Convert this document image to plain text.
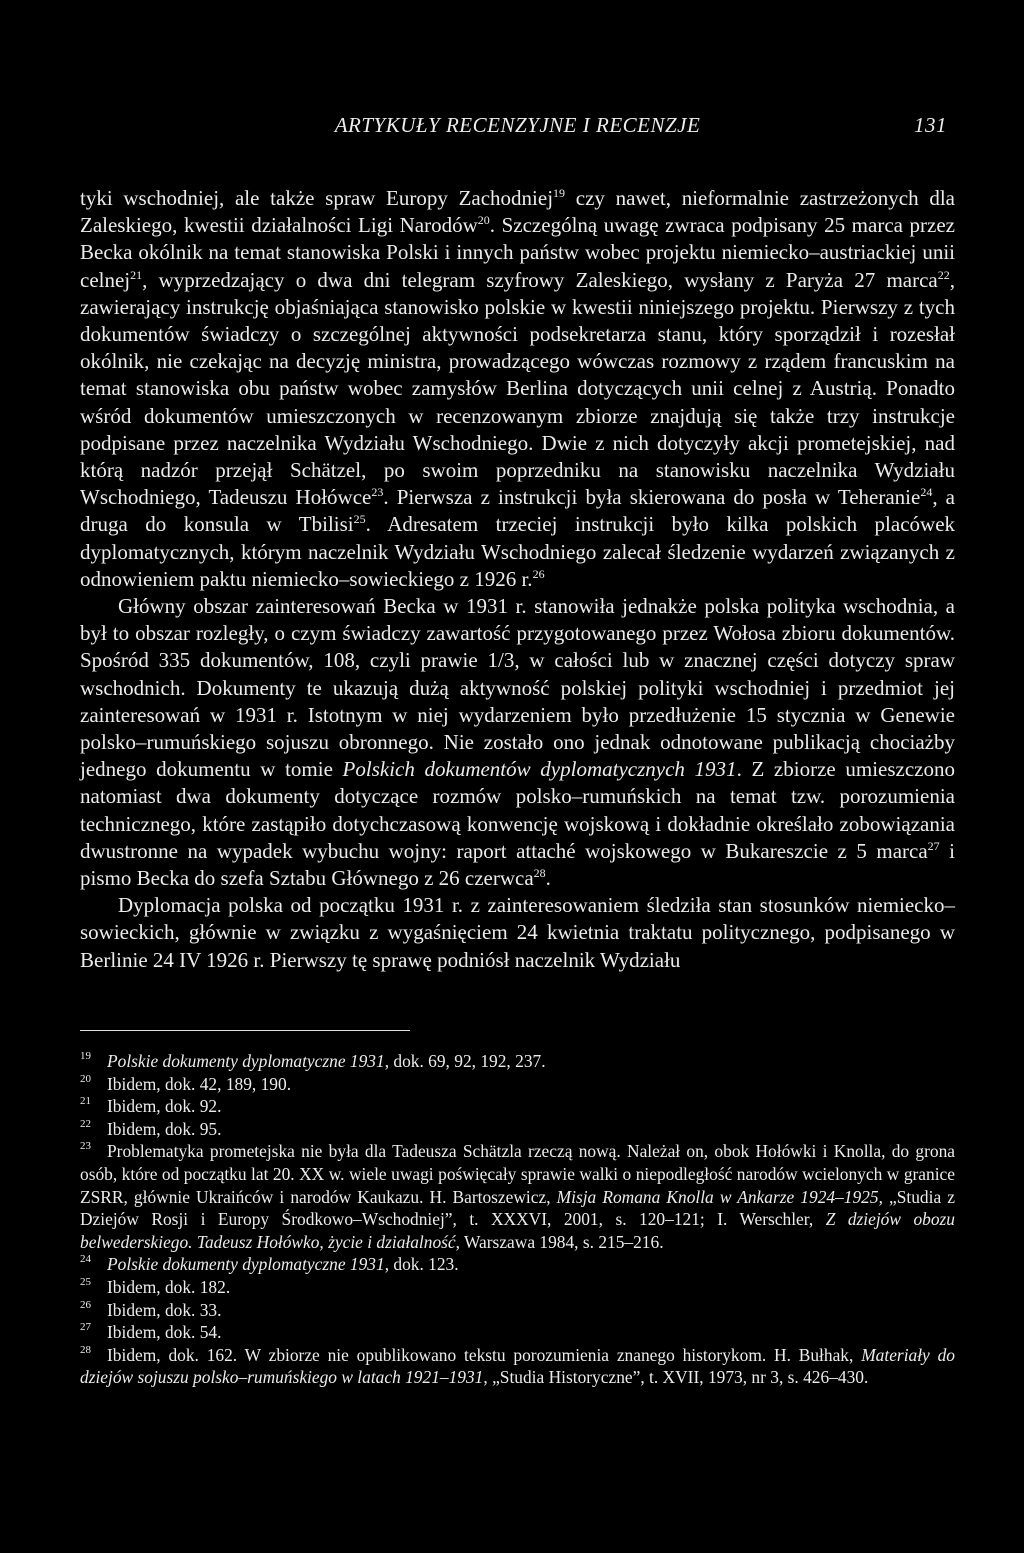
ARTYKUŁY RECENZYJNE I RECENZJE	131

tyki wschodniej, ale także spraw Europy Zachodniej$^{19}$ czy nawet, nieformalnie zastrzeżonych dla Zaleskiego, kwestii działalności Ligi Narodów$^{20}$. Szczególną uwagę zwraca podpisany 25 marca przez Becka okólnik na temat stanowiska Polski i innych państw wobec projektu niemiecko–austriackiej unii celnej$^{21}$, wyprzedzający o dwa dni telegram szyfrowy Zaleskiego, wysłany z Paryża 27 marca$^{22}$, zawierający instrukcję objaśniająca stanowisko polskie w kwestii niniejszego projektu. Pierwszy z tych dokumentów świadczy o szczególnej aktywności podsekretarza stanu, który sporządził i rozesłał okólnik, nie czekając na decyzję ministra, prowadzącego wówczas rozmowy z rządem francuskim na temat stanowiska obu państw wobec zamysłów Berlina dotyczących unii celnej z Austrią. Ponadto wśród dokumentów umieszczonych w recenzowanym zbiorze znajdują się także trzy instrukcje podpisane przez naczelnika Wydziału Wschodniego. Dwie z nich dotyczyły akcji prometejskiej, nad którą nadzór przejął Schätzel, po swoim poprzedniku na stanowisku naczelnika Wydziału Wschodniego, Tadeuszu Hołówce$^{23}$. Pierwsza z instrukcji była skierowana do posła w Teheranie$^{24}$, a druga do konsula w Tbilisi$^{25}$. Adresatem trzeciej instrukcji było kilka polskich placówek dyplomatycznych, którym naczelnik Wydziału Wschodniego zalecał śledzenie wydarzeń związanych z odnowieniem paktu niemiecko–sowieckiego z 1926 r.$^{26}$

Główny obszar zainteresowań Becka w 1931 r. stanowiła jednakże polska polityka wschodnia, a był to obszar rozległy, o czym świadczy zawartość przygotowanego przez Wołosa zbioru dokumentów. Spośród 335 dokumentów, 108, czyli prawie 1/3, w całości lub w znacznej części dotyczy spraw wschodnich. Dokumenty te ukazują dużą aktywność polskiej polityki wschodniej i przedmiot jej zainteresowań w 1931 r. Istotnym w niej wydarzeniem było przedłużenie 15 stycznia w Genewie polsko–rumuńskiego sojuszu obronnego. Nie zostało ono jednak odnotowane publikacją chociażby jednego dokumentu w tomie Polskich dokumentów dyplomatycznych 1931. Z zbiorze umieszczono natomiast dwa dokumenty dotyczące rozmów polsko–rumuńskich na temat tzw. porozumienia technicznego, które zastąpiło dotychczasową konwencję wojskową i dokładnie określało zobowiązania dwustronne na wypadek wybuchu wojny: raport attaché wojskowego w Bukareszcie z 5 marca$^{27}$ i pismo Becka do szefa Sztabu Głównego z 26 czerwca$^{28}$.

Dyplomacja polska od początku 1931 r. z zainteresowaniem śledziła stan stosunków niemiecko–sowieckich, głównie w związku z wygaśnięciem 24 kwietnia traktatu politycznego, podpisanego w Berlinie 24 IV 1926 r. Pierwszy tę sprawę podniósł naczelnik Wydziału

19 Polskie dokumenty dyplomatyczne 1931, dok. 69, 92, 192, 237.

20 Ibidem, dok. 42, 189, 190.

21 Ibidem, dok. 92.

22 Ibidem, dok. 95.

23 Problematyka prometejska nie była dla Tadeusza Schätzla rzeczą nową. Należał on, obok Hołówki i Knolla, do grona osób, które od początku lat 20. XX w. wiele uwagi poświęcały sprawie walki o niepodległość narodów wcielonych w granice ZSRR, głównie Ukraińców i narodów Kaukazu. H. Bartoszewicz, Misja Romana Knolla w Ankarze 1924–1925, „Studia z Dziejów Rosji i Europy Środkowo–Wschodniej”, t. XXXVI, 2001, s. 120–121; I. Werschler, Z dziejów obozu belwederskiego. Tadeusz Hołówko, życie i działalność, Warszawa 1984, s. 215–216.

24 Polskie dokumenty dyplomatyczne 1931, dok. 123.

25 Ibidem, dok. 182.

26 Ibidem, dok. 33.

27 Ibidem, dok. 54.

28 Ibidem, dok. 162. W zbiorze nie opublikowano tekstu porozumienia znanego historykom. H. Bułhak, Materiały do dziejów sojuszu polsko–rumuńskiego w latach 1921–1931, „Studia Historyczne”, t. XVII, 1973, nr 3, s. 426–430.
